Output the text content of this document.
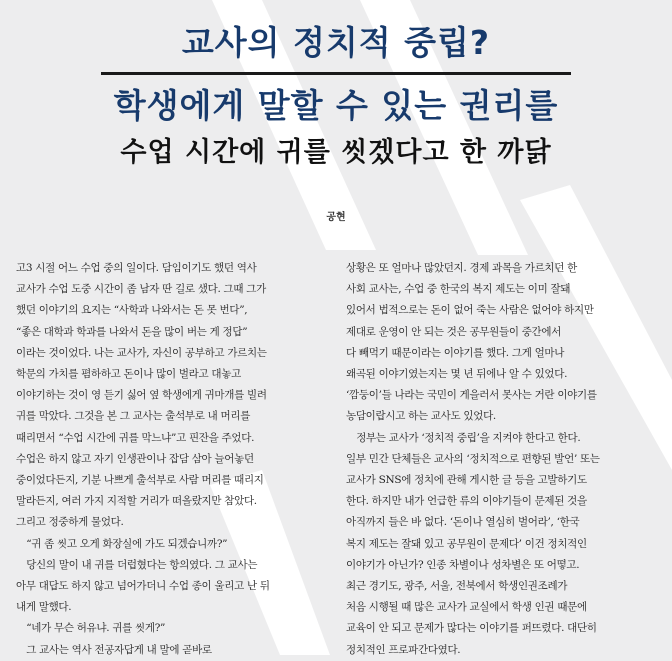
교사의 정치적 중립?
학생에게 말할 수 있는 권리를
수업 시간에 귀를 씻겠다고 한 까닭
공현
고3 시절 어느 수업 중의 일이다. 담임이기도 했던 역사
교사가 수업 도중 시간이 좀 남자 딴 길로 샜다. 그때 그가
했던 이야기의 요지는 “사학과 나와서는 돈 못 번다”,
“좋은 대학과 학과를 나와서 돈을 많이 버는 게 정답”
이라는 것이었다. 나는 교사가, 자신이 공부하고 가르치는
학문의 가치를 폄하하고 돈이나 많이 벌라고 대놓고
이야기하는 것이 영 듣기 싫어 옆 학생에게 귀마개를 빌려
귀를 막았다. 그것을 본 그 교사는 출석부로 내 머리를
때리면서 “수업 시간에 귀를 막느냐”고 핀잔을 주었다.
수업은 하지 않고 자기 인생관이나 잡담 삼아 늘어놓던
중이었다든지, 기분 나쁘게 출석부로 사람 머리를 때리지
말라든지, 여러 가지 지적할 거리가 떠올랐지만 참았다.
그리고 정중하게 물었다.
　“귀 좀 씻고 오게 화장실에 가도 되겠습니까?”
　당신의 말이 내 귀를 더럽혔다는 항의였다. 그 교사는
아무 대답도 하지 않고 넘어가더니 수업 종이 울리고 난 뒤
내게 말했다.
　“네가 무슨 허유냐. 귀를 씻게?”
　그 교사는 역사 전공자답게 내 말에 곧바로
상황은 또 얼마나 많았던지. 경제 과목을 가르치던 한
사회 교사는, 수업 중 한국의 복지 제도는 이미 잘돼
있어서 법적으로는 돈이 없어 죽는 사람은 없어야 하지만
제대로 운영이 안 되는 것은 공무원들이 중간에서
다 빼먹기 때문이라는 이야기를 했다. 그게 얼마나
왜곡된 이야기였는지는 몇 년 뒤에나 알 수 있었다.
‘깜둥이’들 나라는 국민이 게을러서 못사는 거란 이야기를
농담이랍시고 하는 교사도 있었다.
　정부는 교사가 ‘정치적 중립’을 지켜야 한다고 한다.
일부 민간 단체들은 교사의 ‘정치적으로 편향된 발언’ 또는
교사가 SNS에 정치에 관해 게시한 글 등을 고발하기도
한다. 하지만 내가 언급한 류의 이야기들이 문제된 것을
아직까지 들은 바 없다. ‘돈이나 열심히 벌어라’, ‘한국
복지 제도는 잘돼 있고 공무원이 문제다’ 이건 정치적인
이야기가 아닌가? 인종 차별이나 성차별은 또 어떻고.
최근 경기도, 광주, 서울, 전북에서 학생인권조례가
처음 시행될 때 많은 교사가 교실에서 학생 인권 때문에
교육이 안 되고 문제가 많다는 이야기를 퍼뜨렸다. 대단히
정치적인 프로파간다였다.
